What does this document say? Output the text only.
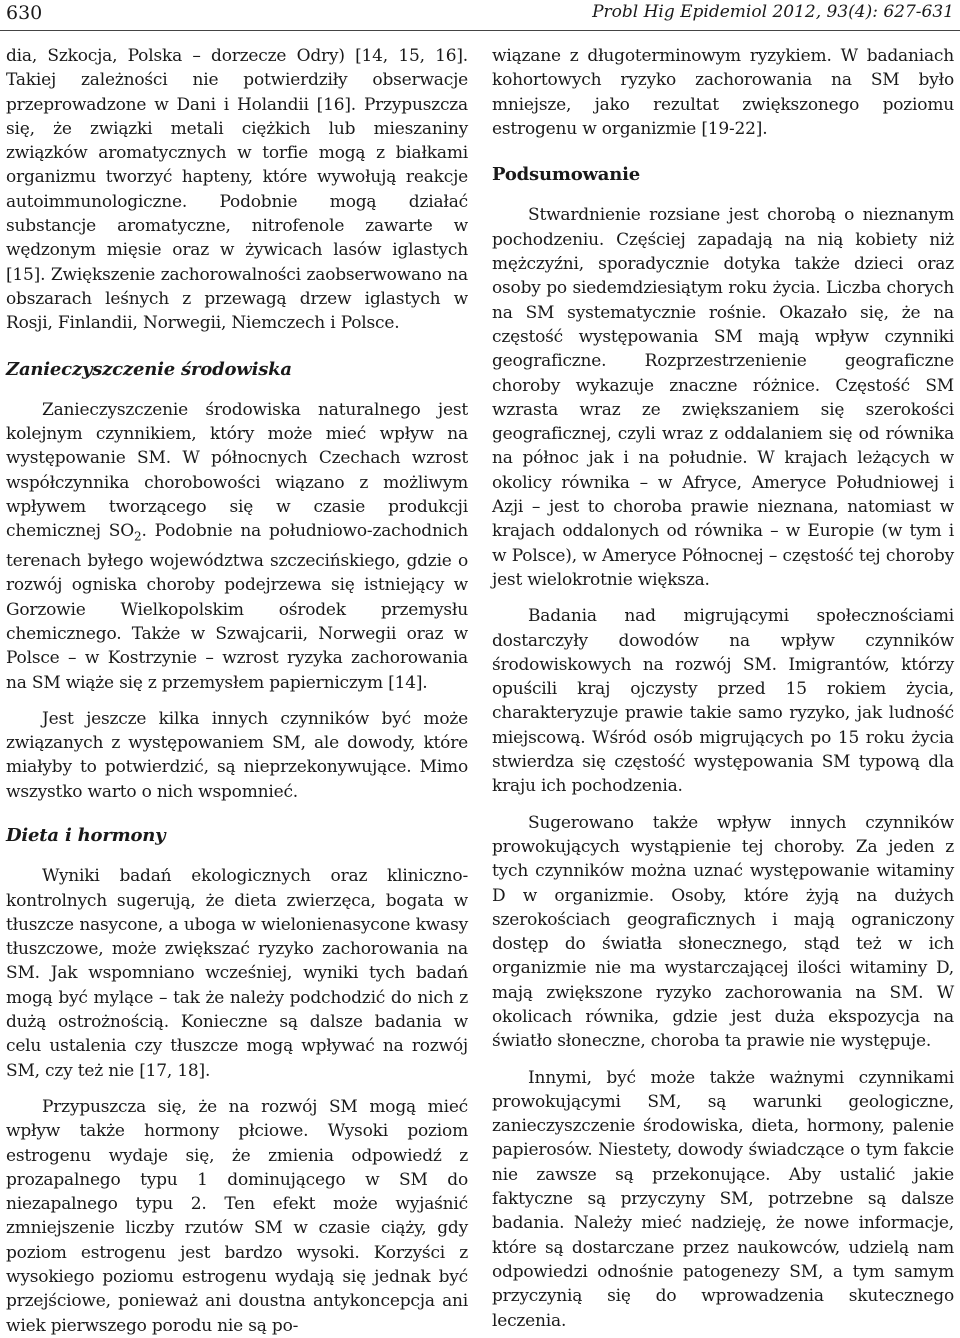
630	Probl Hig Epidemiol 2012, 93(4): 627-631

dia, Szkocja, Polska – dorzecze Odry) [14, 15, 16]. Takiej zależności nie potwierdziły obserwacje przeprowadzone w Dani i Holandii [16]. Przypuszcza się, że związki metali ciężkich lub mieszaniny związków aromatycznych w torfie mogą z białkami organizmu tworzyć hapteny, które wywołują reakcje autoimmunologiczne. Podobnie mogą działać substancje aromatyczne, nitrofenole zawarte w wędzonym mięsie oraz w żywicach lasów iglastych [15]. Zwiększenie zachorowalności zaobserwowano na obszarach leśnych z przewagą drzew iglastych w Rosji, Finlandii, Norwegii, Niemczech i Polsce.

Zanieczyszczenie środowiska

Zanieczyszczenie środowiska naturalnego jest kolejnym czynnikiem, który może mieć wpływ na występowanie SM. W północnych Czechach wzrost współczynnika chorobowości wiązano z możliwym wpływem tworzącego się w czasie produkcji chemicznej $SO_2$. Podobnie na południowo-zachodnich terenach byłego województwa szczecińskiego, gdzie o rozwój ogniska choroby podejrzewa się istniejący w Gorzowie Wielkopolskim ośrodek przemysłu chemicznego. Także w Szwajcarii, Norwegii oraz w Polsce – w Kostrzynie – wzrost ryzyka zachorowania na SM wiąże się z przemysłem papierniczym [14].

Jest jeszcze kilka innych czynników być może związanych z występowaniem SM, ale dowody, które miałyby to potwierdzić, są nieprzekonywujące. Mimo wszystko warto o nich wspomnieć.

Dieta i hormony

Wyniki badań ekologicznych oraz kliniczno-kontrolnych sugerują, że dieta zwierzęca, bogata w tłuszcze nasycone, a uboga w wielonienasycone kwasy tłuszczowe, może zwiększać ryzyko zachorowania na SM. Jak wspomniano wcześniej, wyniki tych badań mogą być mylące – tak że należy podchodzić do nich z dużą ostrożnością. Konieczne są dalsze badania w celu ustalenia czy tłuszcze mogą wpływać na rozwój SM, czy też nie [17, 18].

Przypuszcza się, że na rozwój SM mogą mieć wpływ także hormony płciowe. Wysoki poziom estrogenu wydaje się, że zmienia odpowiedź z prozapalnego typu 1 dominującego w SM do niezapalnego typu 2. Ten efekt może wyjaśnić zmniejszenie liczby rzutów SM w czasie ciąży, gdy poziom estrogenu jest bardzo wysoki. Korzyści z wysokiego poziomu estrogenu wydają się jednak być przejściowe, ponieważ ani doustna antykoncepcja ani wiek pierwszego porodu nie są po-

wiązane z długoterminowym ryzykiem. W badaniach kohortowych ryzyko zachorowania na SM było mniejsze, jako rezultat zwiększonego poziomu estrogenu w organizmie [19-22].

Podsumowanie

Stwardnienie rozsiane jest chorobą o nieznanym pochodzeniu. Częściej zapadają na nią kobiety niż mężczyźni, sporadycznie dotyka także dzieci oraz osoby po siedemdziesiątym roku życia. Liczba chorych na SM systematycznie rośnie. Okazało się, że na częstość występowania SM mają wpływ czynniki geograficzne. Rozprzestrzenienie geograficzne choroby wykazuje znaczne różnice. Częstość SM wzrasta wraz ze zwiększaniem się szerokości geograficznej, czyli wraz z oddalaniem się od równika na północ jak i na południe. W krajach leżących w okolicy równika – w Afryce, Ameryce Południowej i Azji – jest to choroba prawie nieznana, natomiast w krajach oddalonych od równika – w Europie (w tym i w Polsce), w Ameryce Północnej – częstość tej choroby jest wielokrotnie większa.

Badania nad migrującymi społecznościami dostarczyły dowodów na wpływ czynników środowiskowych na rozwój SM. Imigrantów, którzy opuścili kraj ojczysty przed 15 rokiem życia, charakteryzuje prawie takie samo ryzyko, jak ludność miejscową. Wśród osób migrujących po 15 roku życia stwierdza się częstość występowania SM typową dla kraju ich pochodzenia.

Sugerowano także wpływ innych czynników prowokujących wystąpienie tej choroby. Za jeden z tych czynników można uznać występowanie witaminy D w organizmie. Osoby, które żyją na dużych szerokościach geograficznych i mają ograniczony dostęp do światła słonecznego, stąd też w ich organizmie nie ma wystarczającej ilości witaminy D, mają zwiększone ryzyko zachorowania na SM. W okolicach równika, gdzie jest duża ekspozycja na światło słoneczne, choroba ta prawie nie występuje.

Innymi, być może także ważnymi czynnikami prowokującymi SM, są warunki geologiczne, zanieczyszczenie środowiska, dieta, hormony, palenie papierosów. Niestety, dowody świadczące o tym fakcie nie zawsze są przekonujące. Aby ustalić jakie faktyczne są przyczyny SM, potrzebne są dalsze badania. Należy mieć nadzieję, że nowe informacje, które są dostarczane przez naukowców, udzielą nam odpowiedzi odnośnie patogenezy SM, a tym samym przyczynią się do wprowadzenia skutecznego leczenia.
